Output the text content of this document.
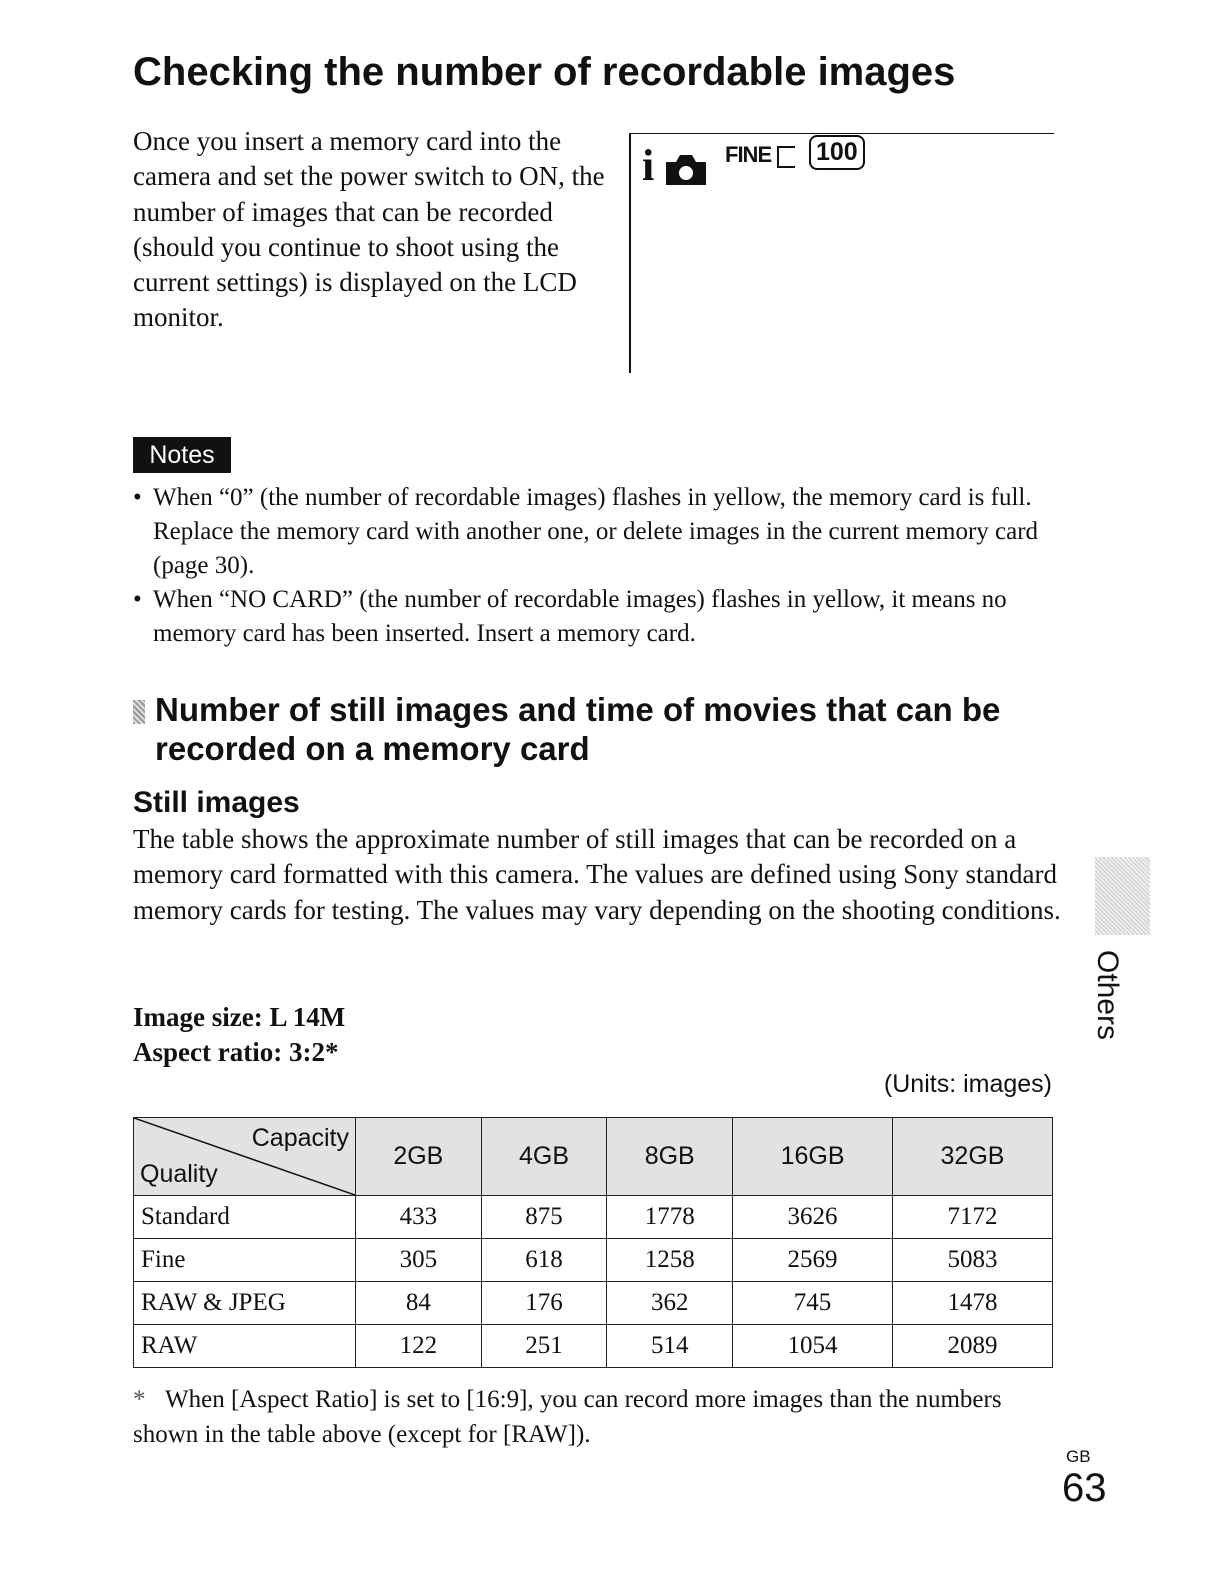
Checking the number of recordable images
Once you insert a memory card into the camera and set the power switch to ON, the number of images that can be recorded (should you continue to shoot using the current settings) is displayed on the LCD monitor.
i	FINE 100
Notes
• When “0” (the number of recordable images) flashes in yellow, the memory card is full. Replace the memory card with another one, or delete images in the current memory card (page 30).
• When “NO CARD” (the number of recordable images) flashes in yellow, it means no memory card has been inserted. Insert a memory card.
Number of still images and time of movies that can be
recorded on a memory card
Still images
The table shows the approximate number of still images that can be recorded on a memory card formatted with this camera. The values are defined using Sony standard memory cards for testing. The values may vary depending on the shooting conditions.
Image size: L 14M
Aspect ratio: 3:2*
(Units: images)
Capacity
Quality	2GB	4GB	8GB	16GB	32GB
Standard	433	875	1778	3626	7172
Fine	305	618	1258	2569	5083
RAW & JPEG	84	176	362	745	1478
RAW	122	251	514	1054	2089
* When [Aspect Ratio] is set to [16:9], you can record more images than the numbers shown in the table above (except for [RAW]).
Others
GB
63
